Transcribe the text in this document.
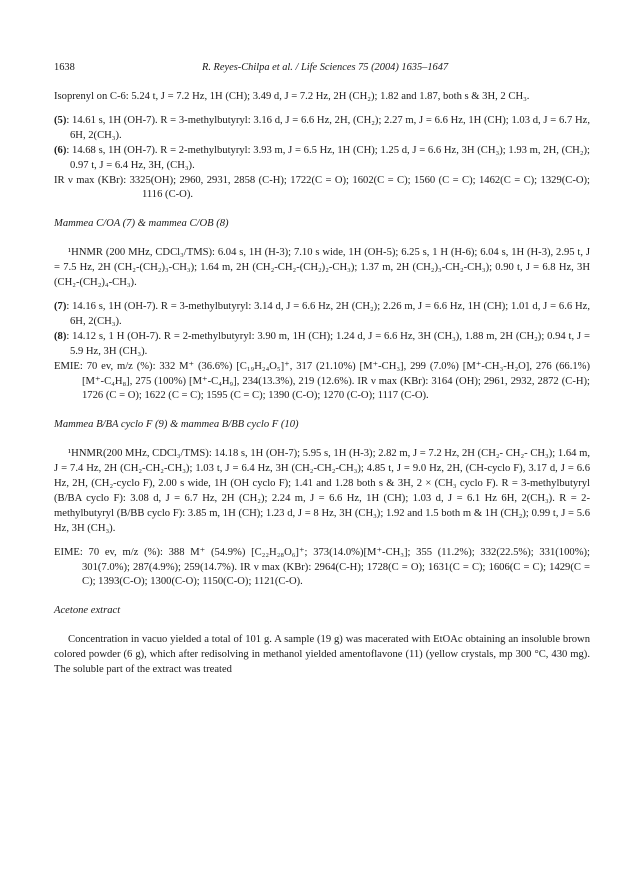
1638	R. Reyes-Chilpa et al. / Life Sciences 75 (2004) 1635–1647

Isoprenyl on C-6: 5.24 t, J = 7.2 Hz, 1H (CH); 3.49 d, J = 7.2 Hz, 2H (CH₂); 1.82 and 1.87, both s & 3H, 2 CH₃.

(5): 14.61 s, 1H (OH-7). R = 3-methylbutyryl: 3.16 d, J = 6.6 Hz, 2H, (CH₂); 2.27 m, J = 6.6 Hz, 1H (CH); 1.03 d, J = 6.7 Hz, 6H, 2(CH₃).

(6): 14.68 s, 1H (OH-7). R = 2-methylbutyryl: 3.93 m, J = 6.5 Hz, 1H (CH); 1.25 d, J = 6.6 Hz, 3H (CH₃); 1.93 m, 2H, (CH₂); 0.97 t, J = 6.4 Hz, 3H, (CH₃).

IR ν max (KBr): 3325(OH); 2960, 2931, 2858 (C-H); 1722(C = O); 1602(C = C); 1560 (C = C); 1462(C = C); 1329(C-O); 1116 (C-O).

Mammea C/OA (7) & mammea C/OB (8)

¹HNMR (200 MHz, CDCl₃/TMS): 6.04 s, 1H (H-3); 7.10 s wide, 1H (OH-5); 6.25 s, 1 H (H-6); 6.04 s, 1H (H-3), 2.95 t, J = 7.5 Hz, 2H (CH₂-(CH₂)₃-CH₃); 1.64 m, 2H (CH₂-CH₂-(CH₂)₂-CH₃); 1.37 m, 2H (CH₂)₃-CH₂-CH₃); 0.90 t, J = 6.8 Hz, 3H (CH₂-(CH₂)₄-CH₃).

(7): 14.16 s, 1H (OH-7). R = 3-methylbutyryl: 3.14 d, J = 6.6 Hz, 2H (CH₂); 2.26 m, J = 6.6 Hz, 1H (CH); 1.01 d, J = 6.6 Hz, 6H, 2(CH₃).

(8): 14.12 s, 1 H (OH-7). R = 2-methylbutyryl: 3.90 m, 1H (CH); 1.24 d, J = 6.6 Hz, 3H (CH₃), 1.88 m, 2H (CH₂); 0.94 t, J = 5.9 Hz, 3H (CH₃).

EMIE: 70 ev, m/z (%): 332 M⁺ (36.6%) [C₁₉H₂₄O₅]⁺, 317 (21.10%) [M⁺-CH₃], 299 (7.0%) [M⁺-CH₃-H₂O], 276 (66.1%) [M⁺-C₄H₈], 275 (100%) [M⁺-C₄H₉], 234(13.3%), 219 (12.6%). IR ν max (KBr): 3164 (OH); 2961, 2932, 2872 (C-H); 1726 (C = O); 1622 (C = C); 1595 (C = C); 1390 (C-O); 1270 (C-O); 1117 (C-O).

Mammea B/BA cyclo F (9) & mammea B/BB cyclo F (10)

¹HNMR(200 MHz, CDCl₃/TMS): 14.18 s, 1H (OH-7); 5.95 s, 1H (H-3); 2.82 m, J = 7.2 Hz, 2H (CH₂- CH₂- CH₃); 1.64 m, J = 7.4 Hz, 2H (CH₂-CH₂-CH₃); 1.03 t, J = 6.4 Hz, 3H (CH₂-CH₂-CH₃); 4.85 t, J = 9.0 Hz, 2H, (CH-cyclo F), 3.17 d, J = 6.6 Hz, 2H, (CH₂-cyclo F), 2.00 s wide, 1H (OH cyclo F); 1.41 and 1.28 both s & 3H, 2 × (CH₃ cyclo F). R = 3-methylbutyryl (B/BA cyclo F): 3.08 d, J = 6.7 Hz, 2H (CH₂); 2.24 m, J = 6.6 Hz, 1H (CH); 1.03 d, J = 6.1 Hz 6H, 2(CH₃). R = 2-methylbutyryl (B/BB cyclo F): 3.85 m, 1H (CH); 1.23 d, J = 8 Hz, 3H (CH₃); 1.92 and 1.5 both m & 1H (CH₂); 0.99 t, J = 5.6 Hz, 3H (CH₃).

EIME: 70 ev, m/z (%): 388 M⁺ (54.9%) [C₂₂H₂₈O₆]⁺; 373(14.0%)[M⁺-CH₃]; 355 (11.2%); 332(22.5%); 331(100%); 301(7.0%); 287(4.9%); 259(14.7%). IR ν max (KBr): 2964(C-H); 1728(C = O); 1631(C = C); 1606(C = C); 1429(C = C); 1393(C-O); 1300(C-O); 1150(C-O); 1121(C-O).

Acetone extract

Concentration in vacuo yielded a total of 101 g. A sample (19 g) was macerated with EtOAc obtaining an insoluble brown colored powder (6 g), which after redisolving in methanol yielded amentoflavone (11) (yellow crystals, mp 300 °C, 430 mg). The soluble part of the extract was treated
